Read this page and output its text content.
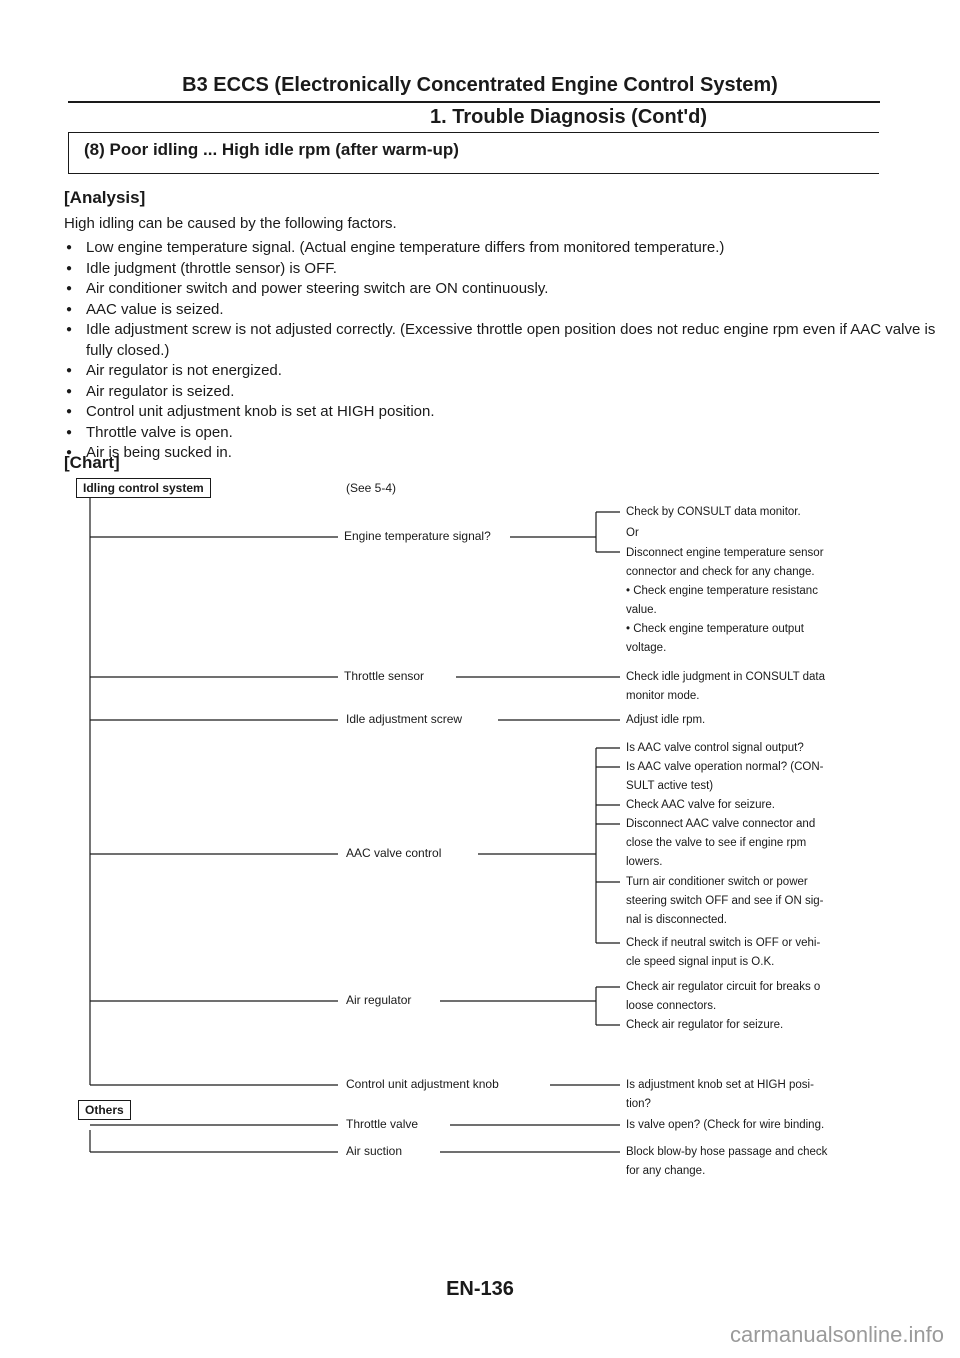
B3 ECCS (Electronically Concentrated Engine Control System)
1. Trouble Diagnosis (Cont'd)
(8) Poor idling ... High idle rpm (after warm-up)
[Analysis]
High idling can be caused by the following factors.
● Low engine temperature signal. (Actual engine temperature differs from monitored temperature.)
● Idle judgment (throttle sensor) is OFF.
● Air conditioner switch and power steering switch are ON continuously.
● AAC value is seized.
● Idle adjustment screw is not adjusted correctly. (Excessive throttle open position does not reduc engine rpm even if AAC valve is fully closed.)
● Air regulator is not energized.
● Air regulator is seized.
● Control unit adjustment knob is set at HIGH position.
● Throttle valve is open.
● Air is being sucked in.
[Chart]
Idling control system	(See 5-4)
Engine temperature signal?
Check by CONSULT data monitor.
Or
Disconnect engine temperature sensor
connector and check for any change.
• Check engine temperature resistanc
value.
• Check engine temperature output
voltage.
Throttle sensor	Check idle judgment in CONSULT data
monitor mode.
Idle adjustment screw	Adjust idle rpm.
AAC valve control
Is AAC valve control signal output?
Is AAC valve operation normal? (CON-
SULT active test)
Check AAC valve for seizure.
Disconnect AAC valve connector and
close the valve to see if engine rpm
lowers.
Turn air conditioner switch or power
steering switch OFF and see if ON sig-
nal is disconnected.
Check if neutral switch is OFF or vehi-
cle speed signal input is O.K.
Air regulator
Check air regulator circuit for breaks o
loose connectors.
Check air regulator for seizure.
Control unit adjustment knob	Is adjustment knob set at HIGH posi-
tion?
Others
Throttle valve	Is valve open? (Check for wire binding.
Air suction	Block blow-by hose passage and check
for any change.
EN-136
carmanualsonline.info
